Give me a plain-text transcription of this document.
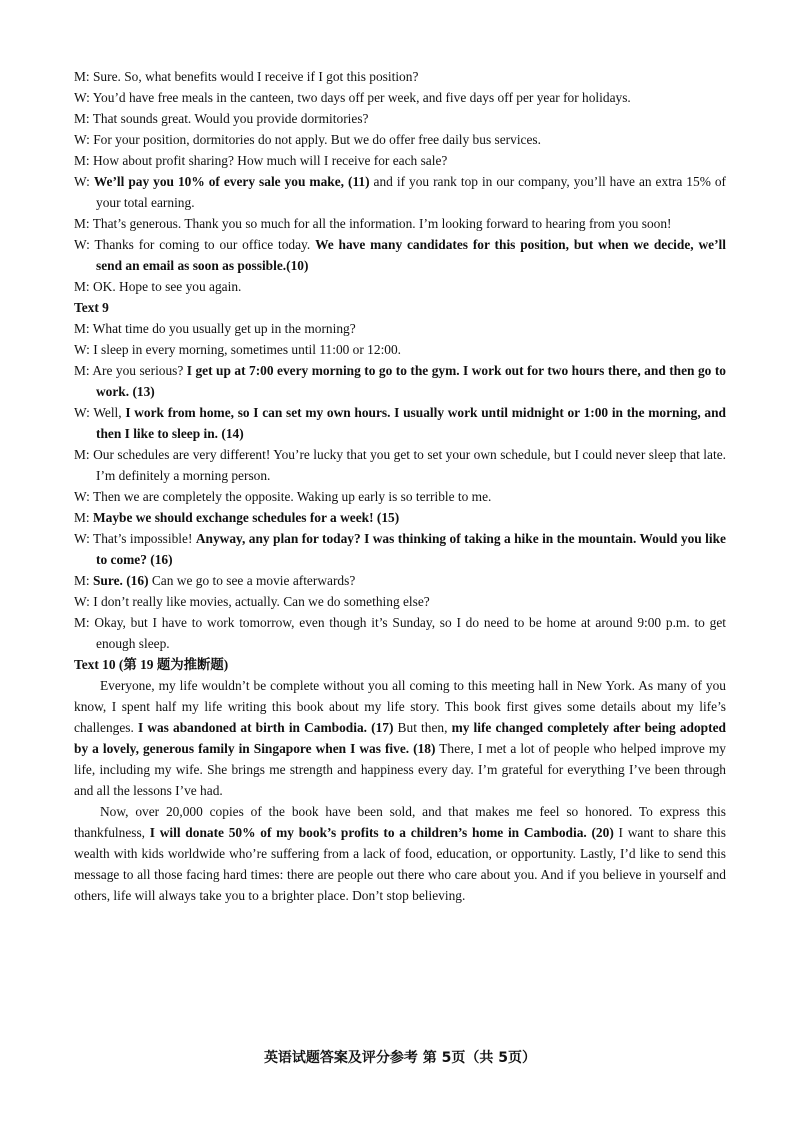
M: Sure. So, what benefits would I receive if I got this position?

W: You’d have free meals in the canteen, two days off per week, and five days off per year for holidays.

M: That sounds great. Would you provide dormitories?

W: For your position, dormitories do not apply. But we do offer free daily bus services.

M: How about profit sharing? How much will I receive for each sale?

W: We’ll pay you 10% of every sale you make, (11) and if you rank top in our company, you’ll have an extra 15% of your total earning.

M: That’s generous. Thank you so much for all the information. I’m looking forward to hearing from you soon!

W: Thanks for coming to our office today. We have many candidates for this position, but when we decide, we’ll send an email as soon as possible.(10)

M: OK. Hope to see you again.

Text 9

M: What time do you usually get up in the morning?

W: I sleep in every morning, sometimes until 11:00 or 12:00.

M: Are you serious? I get up at 7:00 every morning to go to the gym. I work out for two hours there, and then go to work. (13)

W: Well, I work from home, so I can set my own hours. I usually work until midnight or 1:00 in the morning, and then I like to sleep in. (14)

M: Our schedules are very different! You’re lucky that you get to set your own schedule, but I could never sleep that late. I’m definitely a morning person.

W: Then we are completely the opposite. Waking up early is so terrible to me.

M: Maybe we should exchange schedules for a week! (15)

W: That’s impossible! Anyway, any plan for today? I was thinking of taking a hike in the mountain. Would you like to come? (16)

M: Sure. (16) Can we go to see a movie afterwards?

W: I don’t really like movies, actually. Can we do something else?

M: Okay, but I have to work tomorrow, even though it’s Sunday, so I do need to be home at around 9:00 p.m. to get enough sleep.

Text 10 (第 19 题为推断题)

Everyone, my life wouldn’t be complete without you all coming to this meeting hall in New York. As many of you know, I spent half my life writing this book about my life story. This book first gives some details about my life’s challenges. I was abandoned at birth in Cambodia. (17) But then, my life changed completely after being adopted by a lovely, generous family in Singapore when I was five. (18) There, I met a lot of people who helped improve my life, including my wife. She brings me strength and happiness every day. I’m grateful for everything I’ve been through and all the lessons I’ve had.

Now, over 20,000 copies of the book have been sold, and that makes me feel so honored. To express this thankfulness, I will donate 50% of my book’s profits to a children’s home in Cambodia. (20) I want to share this wealth with kids worldwide who’re suffering from a lack of food, education, or opportunity. Lastly, I’d like to send this message to all those facing hard times: there are people out there who care about you. And if you believe in yourself and others, life will always take you to a brighter place. Don’t stop believing.

英语试题答案及评分参考 第 5页（共 5页）
